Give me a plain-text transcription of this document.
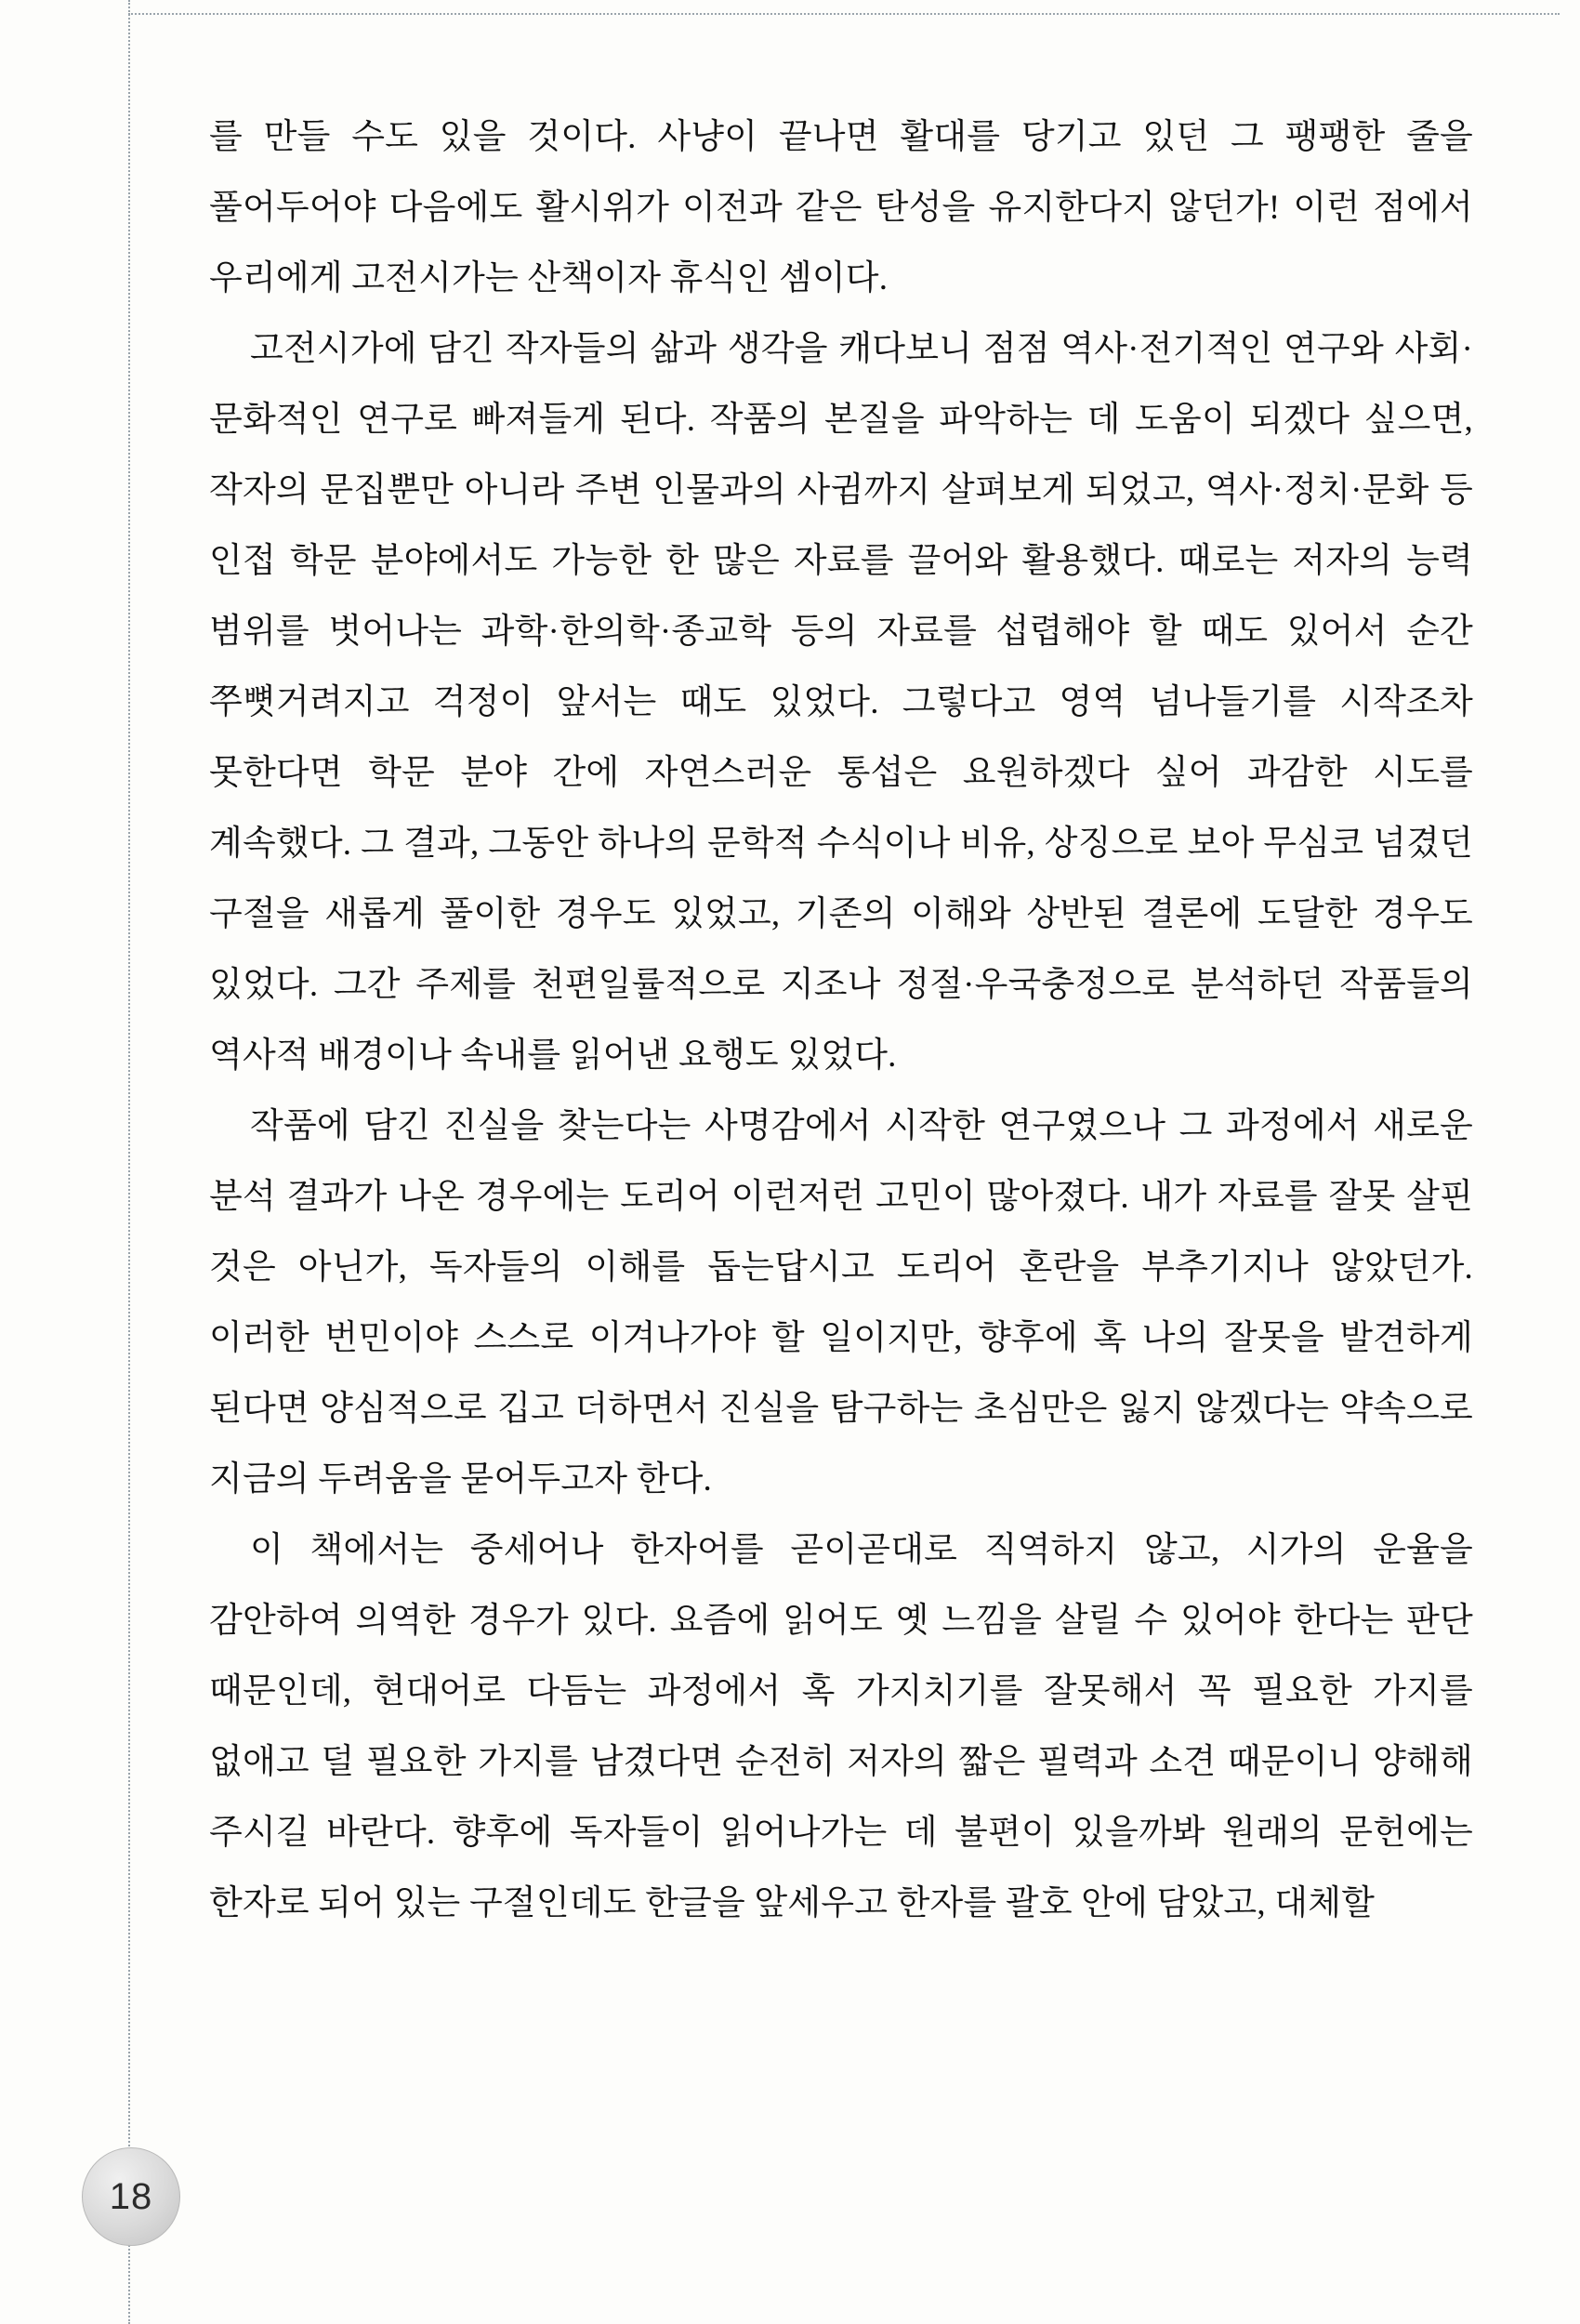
를 만들 수도 있을 것이다. 사냥이 끝나면 활대를 당기고 있던 그 팽팽한 줄을 풀어두어야 다음에도 활시위가 이전과 같은 탄성을 유지한다지 않던가! 이런 점에서 우리에게 고전시가는 산책이자 휴식인 셈이다.

고전시가에 담긴 작자들의 삶과 생각을 캐다보니 점점 역사·전기적인 연구와 사회·문화적인 연구로 빠져들게 된다. 작품의 본질을 파악하는 데 도움이 되겠다 싶으면, 작자의 문집뿐만 아니라 주변 인물과의 사귐까지 살펴보게 되었고, 역사·정치·문화 등 인접 학문 분야에서도 가능한 한 많은 자료를 끌어와 활용했다. 때로는 저자의 능력 범위를 벗어나는 과학·한의학·종교학 등의 자료를 섭렵해야 할 때도 있어서 순간 쭈뼛거려지고 걱정이 앞서는 때도 있었다. 그렇다고 영역 넘나들기를 시작조차 못한다면 학문 분야 간에 자연스러운 통섭은 요원하겠다 싶어 과감한 시도를 계속했다. 그 결과, 그동안 하나의 문학적 수식이나 비유, 상징으로 보아 무심코 넘겼던 구절을 새롭게 풀이한 경우도 있었고, 기존의 이해와 상반된 결론에 도달한 경우도 있었다. 그간 주제를 천편일률적으로 지조나 정절·우국충정으로 분석하던 작품들의 역사적 배경이나 속내를 읽어낸 요행도 있었다.

작품에 담긴 진실을 찾는다는 사명감에서 시작한 연구였으나 그 과정에서 새로운 분석 결과가 나온 경우에는 도리어 이런저런 고민이 많아졌다. 내가 자료를 잘못 살핀 것은 아닌가, 독자들의 이해를 돕는답시고 도리어 혼란을 부추기지나 않았던가. 이러한 번민이야 스스로 이겨나가야 할 일이지만, 향후에 혹 나의 잘못을 발견하게 된다면 양심적으로 깁고 더하면서 진실을 탐구하는 초심만은 잃지 않겠다는 약속으로 지금의 두려움을 묻어두고자 한다.

이 책에서는 중세어나 한자어를 곧이곧대로 직역하지 않고, 시가의 운율을 감안하여 의역한 경우가 있다. 요즘에 읽어도 옛 느낌을 살릴 수 있어야 한다는 판단 때문인데, 현대어로 다듬는 과정에서 혹 가지치기를 잘못해서 꼭 필요한 가지를 없애고 덜 필요한 가지를 남겼다면 순전히 저자의 짧은 필력과 소견 때문이니 양해해 주시길 바란다. 향후에 독자들이 읽어나가는 데 불편이 있을까봐 원래의 문헌에는 한자로 되어 있는 구절인데도 한글을 앞세우고 한자를 괄호 안에 담았고, 대체할

18
